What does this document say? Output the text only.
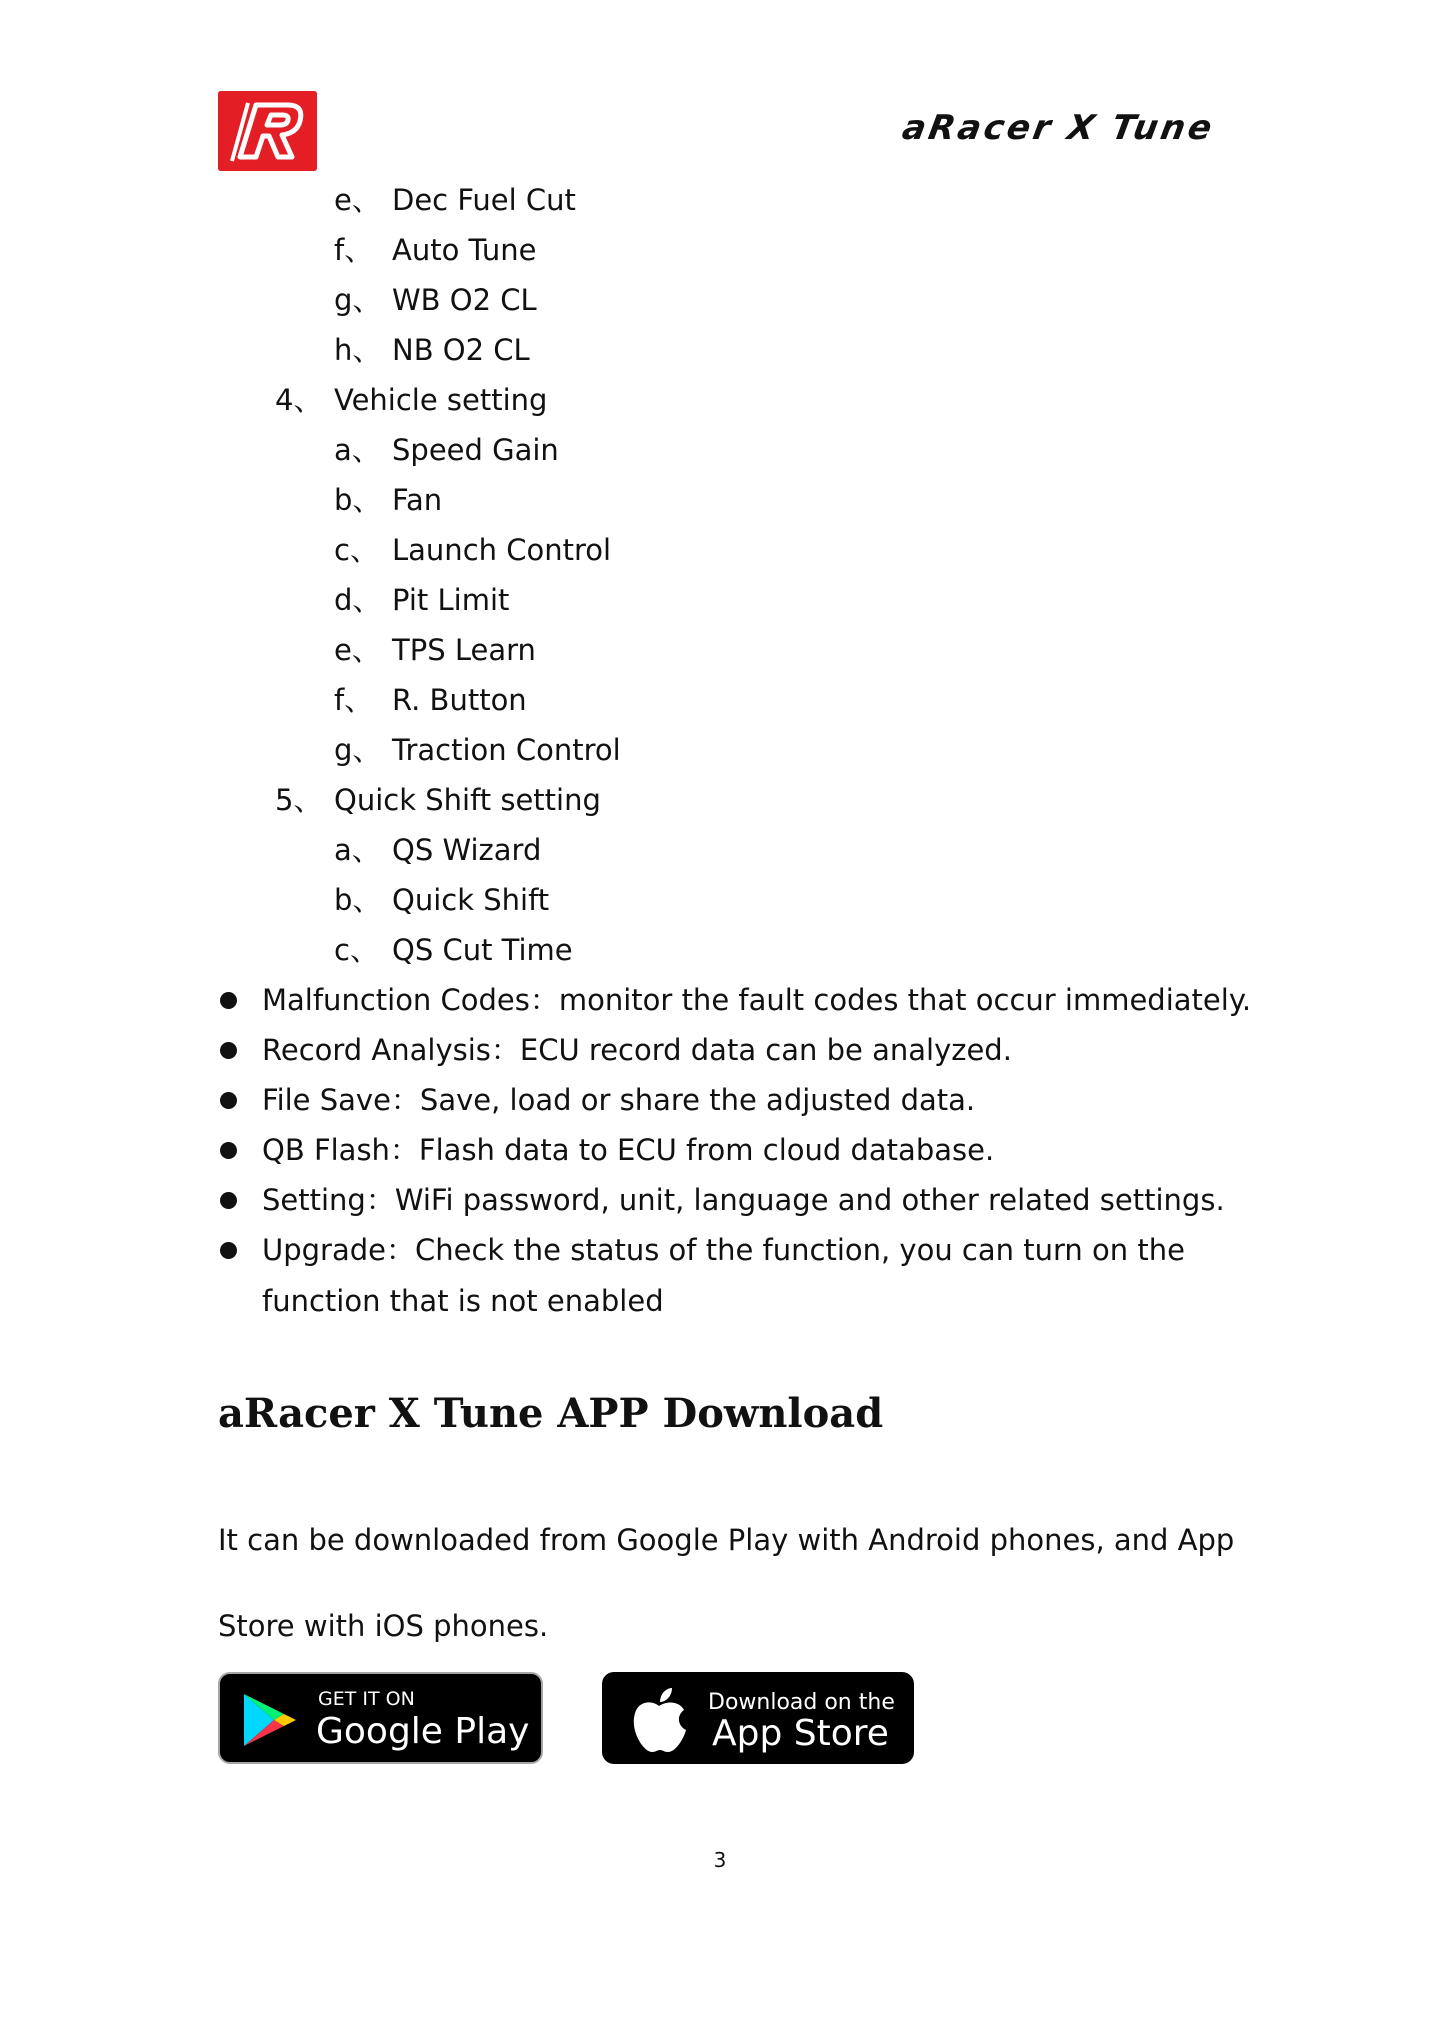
aRacer X Tune
e、 Dec Fuel Cut
f、 Auto Tune
g、 WB O2 CL
h、 NB O2 CL
4、 Vehicle setting
a、 Speed Gain
b、 Fan
c、 Launch Control
d、 Pit Limit
e、 TPS Learn
f、 R. Button
g、 Traction Control
5、 Quick Shift setting
a、 QS Wizard
b、 Quick Shift
c、 QS Cut Time
Malfunction Codes：monitor the fault codes that occur immediately.
Record Analysis：ECU record data can be analyzed.
File Save：Save, load or share the adjusted data.
QB Flash：Flash data to ECU from cloud database.
Setting：WiFi password, unit, language and other related settings.
Upgrade：Check the status of the function, you can turn on the
function that is not enabled
aRacer X Tune APP Download
It can be downloaded from Google Play with Android phones, and App
Store with iOS phones.
GET IT ON
Google Play
Download on the
App Store
3
